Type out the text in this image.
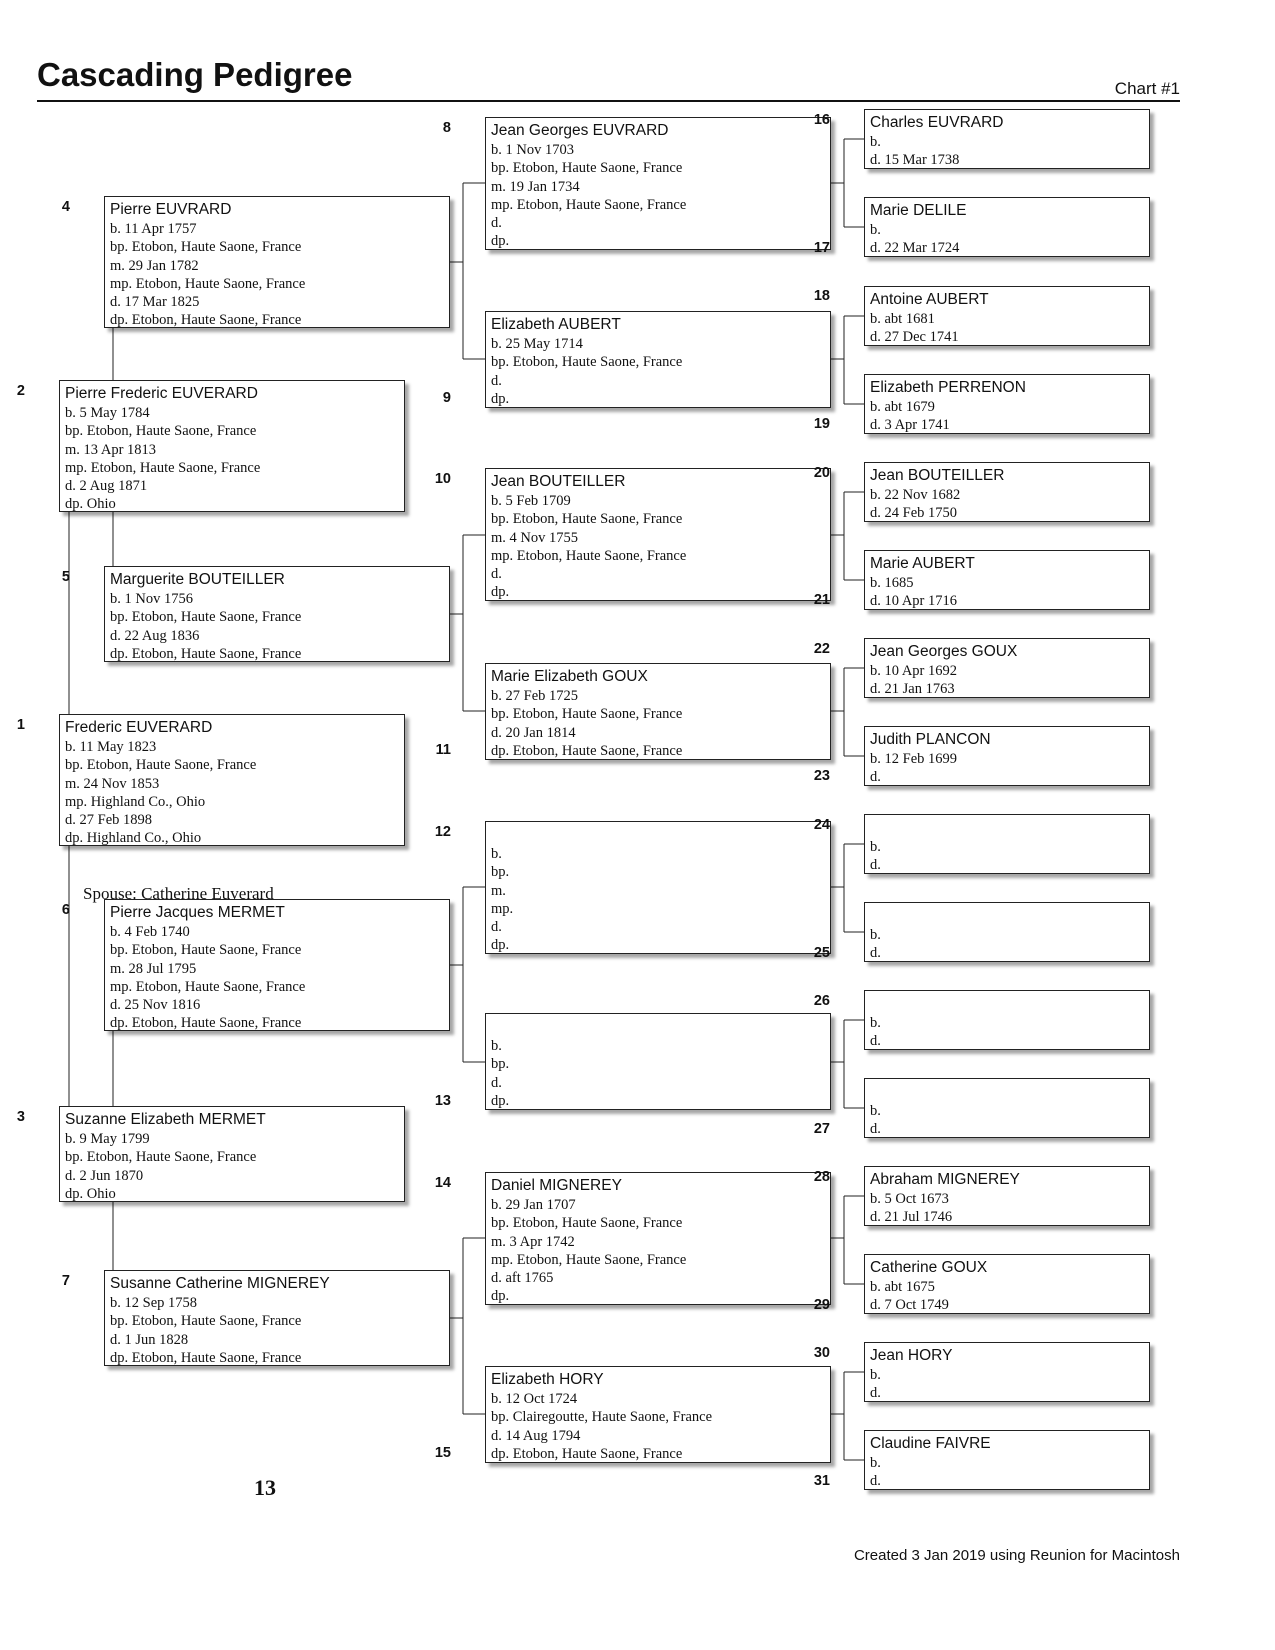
Cascading Pedigree	Chart #1
Frederic EUVERARD
b. 11 May 1823
bp. Etobon, Haute Saone, France
m. 24 Nov 1853
mp. Highland Co., Ohio
d. 27 Feb 1898
dp. Highland Co., Ohio
1
Pierre Frederic EUVERARD
b. 5 May 1784
bp. Etobon, Haute Saone, France
m. 13 Apr 1813
mp. Etobon, Haute Saone, France
d. 2 Aug 1871
dp. Ohio
2
Suzanne Elizabeth MERMET
b. 9 May 1799
bp. Etobon, Haute Saone, France
d. 2 Jun 1870
dp. Ohio
3
Pierre EUVRARD
b. 11 Apr 1757
bp. Etobon, Haute Saone, France
m. 29 Jan 1782
mp. Etobon, Haute Saone, France
d. 17 Mar 1825
dp. Etobon, Haute Saone, France
4
Marguerite BOUTEILLER
b. 1 Nov 1756
bp. Etobon, Haute Saone, France
d. 22 Aug 1836
dp. Etobon, Haute Saone, France
5
Pierre Jacques MERMET
b. 4 Feb 1740
bp. Etobon, Haute Saone, France
m. 28 Jul 1795
mp. Etobon, Haute Saone, France
d. 25 Nov 1816
dp. Etobon, Haute Saone, France
6
Susanne Catherine MIGNEREY
b. 12 Sep 1758
bp. Etobon, Haute Saone, France
d. 1 Jun 1828
dp. Etobon, Haute Saone, France
7
Jean Georges EUVRARD
b. 1 Nov 1703
bp. Etobon, Haute Saone, France
m. 19 Jan 1734
mp. Etobon, Haute Saone, France
d.
dp.
8
Elizabeth AUBERT
b. 25 May 1714
bp. Etobon, Haute Saone, France
d.
dp.
9
Jean BOUTEILLER
b. 5 Feb 1709
bp. Etobon, Haute Saone, France
m. 4 Nov 1755
mp. Etobon, Haute Saone, France
d.
dp.
10
Marie Elizabeth GOUX
b. 27 Feb 1725
bp. Etobon, Haute Saone, France
d. 20 Jan 1814
dp. Etobon, Haute Saone, France
11

b.
bp.
m.
mp.
d.
dp.
12

b.
bp.
d.
dp.
13
Daniel MIGNEREY
b. 29 Jan 1707
bp. Etobon, Haute Saone, France
m. 3 Apr 1742
mp. Etobon, Haute Saone, France
d. aft 1765
dp.
14
Elizabeth HORY
b. 12 Oct 1724
bp. Clairegoutte, Haute Saone, France
d. 14 Aug 1794
dp. Etobon, Haute Saone, France
15
Charles EUVRARD
b.
d. 15 Mar 1738
16
Marie DELILE
b.
d. 22 Mar 1724
17
Antoine AUBERT
b. abt 1681
d. 27 Dec 1741
18
Elizabeth PERRENON
b. abt 1679
d. 3 Apr 1741
19
Jean BOUTEILLER
b. 22 Nov 1682
d. 24 Feb 1750
20
Marie AUBERT
b. 1685
d. 10 Apr 1716
21
Jean Georges GOUX
b. 10 Apr 1692
d. 21 Jan 1763
22
Judith PLANCON
b. 12 Feb 1699
d.
23

b.
d.
24

b.
d.
25

b.
d.
26

b.
d.
27
Abraham MIGNEREY
b. 5 Oct 1673
d. 21 Jul 1746
28
Catherine GOUX
b. abt 1675
d. 7 Oct 1749
29
Jean HORY
b.
d.
30
Claudine FAIVRE
b.
d.
31
Spouse: Catherine Euverard
13
Created 3 Jan 2019 using Reunion for Macintosh
